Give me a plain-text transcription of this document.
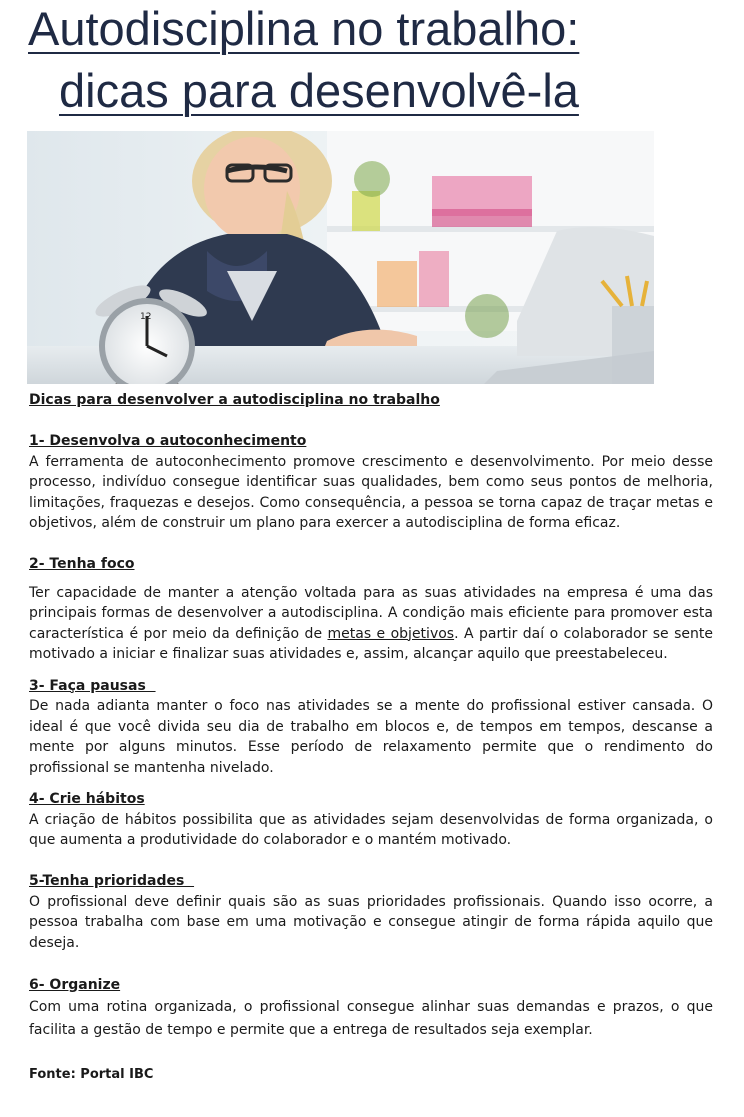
Autodisciplina no trabalho:
dicas para desenvolvê-la
12

Dicas para desenvolver a autodisciplina no trabalho

1- Desenvolva o autoconhecimento
A ferramenta de autoconhecimento promove crescimento e desenvolvimento. Por meio desse processo, indivíduo consegue identificar suas qualidades, bem como seus pontos de melhoria, limitações, fraquezas e desejos. Como consequência, a pessoa se torna capaz de traçar metas e objetivos, além de construir um plano para exercer a autodisciplina de forma eficaz.

2- Tenha foco

Ter capacidade de manter a atenção voltada para as suas atividades na empresa é uma das principais formas de desenvolver a autodisciplina. A condição mais eficiente para promover esta característica é por meio da definição de metas e objetivos. A partir daí o colaborador se sente motivado a iniciar e finalizar suas atividades e, assim, alcançar aquilo que preestabeleceu.

3- Faça pausas
De nada adianta manter o foco nas atividades se a mente do profissional estiver cansada. O ideal é que você divida seu dia de trabalho em blocos e, de tempos em tempos, descanse a mente por alguns minutos. Esse período de relaxamento permite que o rendimento do profissional se mantenha nivelado.

4- Crie hábitos
A criação de hábitos possibilita que as atividades sejam desenvolvidas de forma organizada, o que aumenta a produtividade do colaborador e o mantém motivado.

5-Tenha prioridades
O profissional deve definir quais são as suas prioridades profissionais. Quando isso ocorre, a pessoa trabalha com base em uma motivação e consegue atingir de forma rápida aquilo que deseja.

6- Organize
Com uma rotina organizada, o profissional consegue alinhar suas demandas e prazos, o que facilita a gestão de tempo e permite que a entrega de resultados seja exemplar.

Fonte: Portal IBC
